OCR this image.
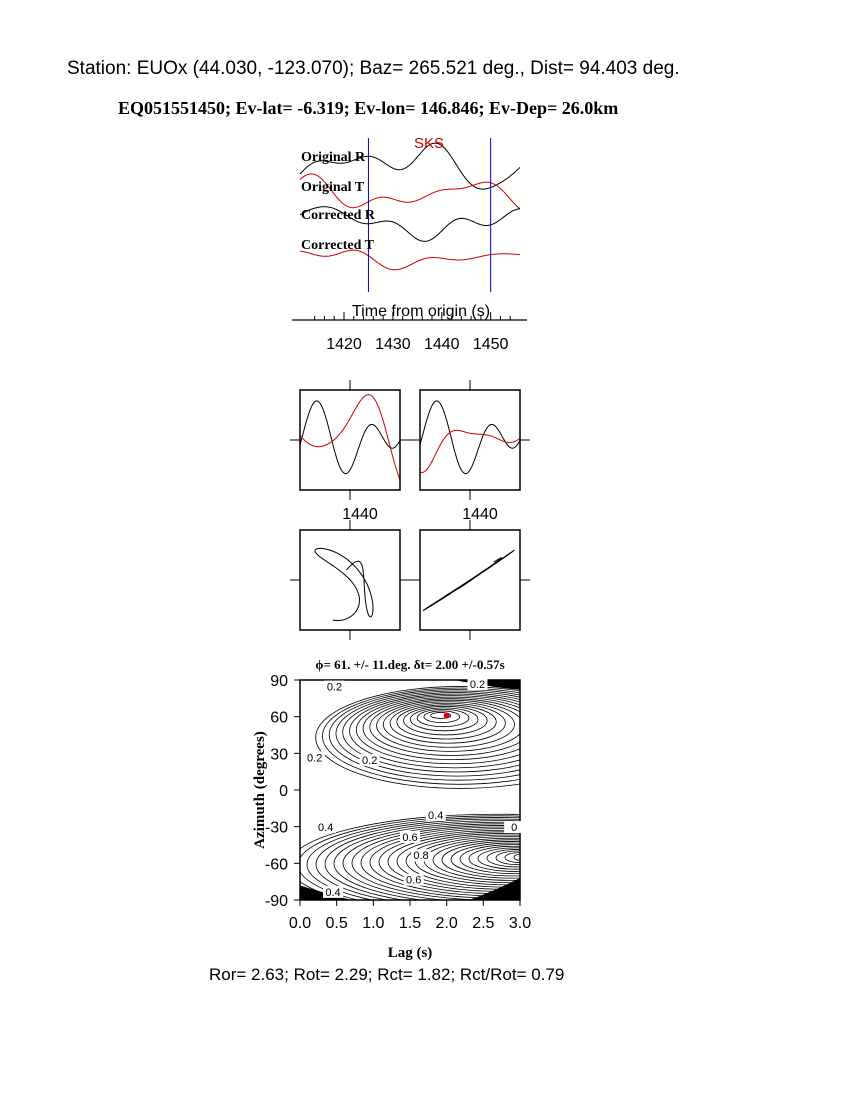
Station: EUOx (44.030, -123.070); Baz= 265.521 deg., Dist= 94.403 deg.
EQ051551450; Ev-lat= -6.319; Ev-lon= 146.846; Ev-Dep= 26.0km
Original R
Original T
Corrected R
Corrected T
SKS
Time from origin (s)
1420 1430 1440 1450
1440	1440
ϕ= 61. +/- 11.deg. δt= 2.00 +/-0.57s
0.2	0.2
0.2	0.2
0.4
0.4
0.6
0.8
0.6
0.4
0
0.0 0.5 1.0 1.5 2.0 2.5 3.0
90
60
30
0
-30
-60
-90
Lag (s)
Azimuth (degrees)
Ror= 2.63; Rot= 2.29; Rct= 1.82; Rct/Rot= 0.79
